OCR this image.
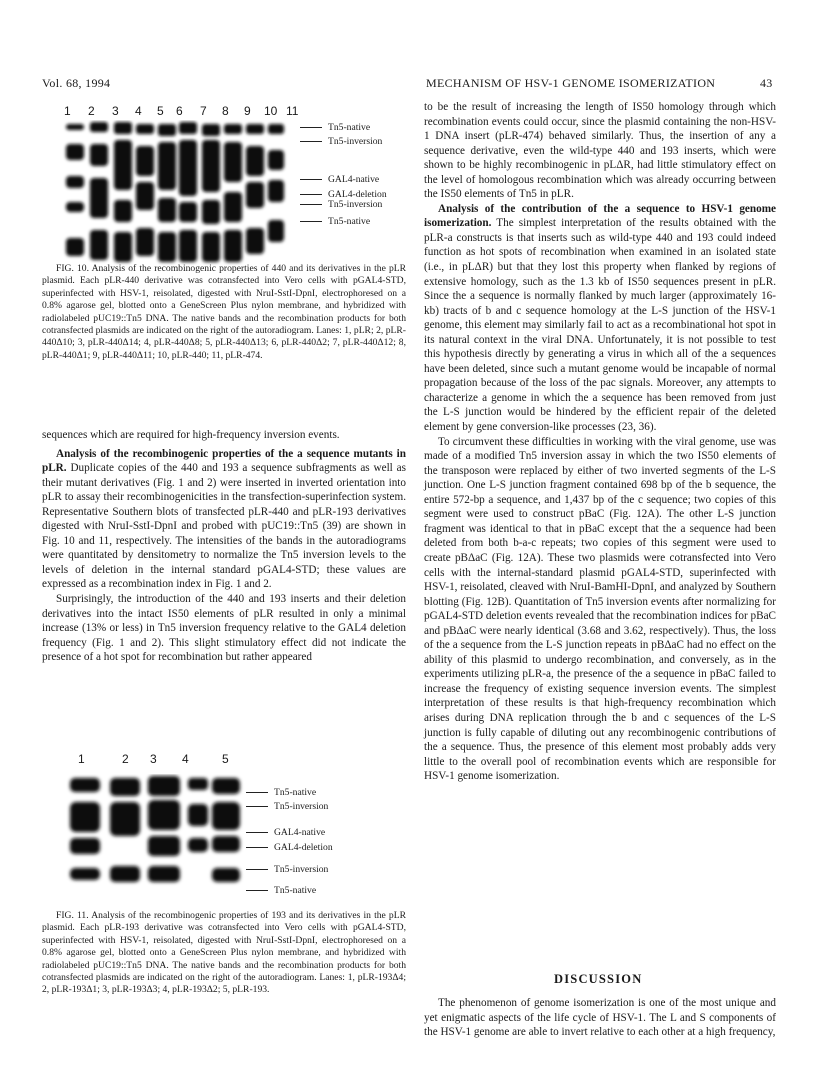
Vol. 68, 1994	MECHANISM OF HSV-1 GENOME ISOMERIZATION	43
1 2 3 4 5 6 7 8 9 10 11
Tn5-native
Tn5-inversion
GAL4-native
GAL4-deletion
Tn5-inversion
Tn5-native

FIG. 10. Analysis of the recombinogenic properties of 440 and its derivatives in the pLR plasmid. Each pLR-440 derivative was cotransfected into Vero cells with pGAL4-STD, superinfected with HSV-1, reisolated, digested with NruI-SstI-DpnI, electrophoresed on a 0.8% agarose gel, blotted onto a GeneScreen Plus nylon membrane, and hybridized with radiolabeled pUC19::Tn5 DNA. The native bands and the recombination products for both cotransfected plasmids are indicated on the right of the autoradiogram. Lanes: 1, pLR; 2, pLR-440Δ10; 3, pLR-440Δ14; 4, pLR-440Δ8; 5, pLR-440Δ13; 6, pLR-440Δ2; 7, pLR-440Δ12; 8, pLR-440Δ1; 9, pLR-440Δ11; 10, pLR-440; 11, pLR-474.

sequences which are required for high-frequency inversion events.

Analysis of the recombinogenic properties of the a sequence mutants in pLR. Duplicate copies of the 440 and 193 a sequence subfragments as well as their mutant derivatives (Fig. 1 and 2) were inserted in inverted orientation into pLR to assay their recombinogenicities in the transfection-superinfection system. Representative Southern blots of transfected pLR-440 and pLR-193 derivatives digested with NruI-SstI-DpnI and probed with pUC19::Tn5 (39) are shown in Fig. 10 and 11, respectively. The intensities of the bands in the autoradiograms were quantitated by densitometry to normalize the Tn5 inversion levels to the levels of deletion in the internal standard pGAL4-STD; these values are expressed as a recombination index in Fig. 1 and 2.

Surprisingly, the introduction of the 440 and 193 inserts and their deletion derivatives into the intact IS50 elements of pLR resulted in only a minimal increase (13% or less) in Tn5 inversion frequency relative to the GAL4 deletion frequency (Fig. 1 and 2). This slight stimulatory effect did not indicate the presence of a hot spot for recombination but rather appeared

1	2 3 4	5
Tn5-native
Tn5-inversion
GAL4-native
GAL4-deletion
Tn5-inversion
Tn5-native

FIG. 11. Analysis of the recombinogenic properties of 193 and its derivatives in the pLR plasmid. Each pLR-193 derivative was cotransfected into Vero cells with pGAL4-STD, superinfected with HSV-1, reisolated, digested with NruI-SstI-DpnI, electrophoresed on a 0.8% agarose gel, blotted onto a GeneScreen Plus nylon membrane, and hybridized with radiolabeled pUC19::Tn5 DNA. The native bands and the recombination products for both cotransfected plasmids are indicated on the right of the autoradiogram. Lanes: 1, pLR-193Δ4; 2, pLR-193Δ1; 3, pLR-193Δ3; 4, pLR-193Δ2; 5, pLR-193.

to be the result of increasing the length of IS50 homology through which recombination events could occur, since the plasmid containing the non-HSV-1 DNA insert (pLR-474) behaved similarly. Thus, the insertion of any a sequence derivative, even the wild-type 440 and 193 inserts, which were shown to be highly recombinogenic in pLΔR, had little stimulatory effect on the level of homologous recombination which was already occurring between the IS50 elements of Tn5 in pLR.

Analysis of the contribution of the a sequence to HSV-1 genome isomerization. The simplest interpretation of the results obtained with the pLR-a constructs is that inserts such as wild-type 440 and 193 could indeed function as hot spots of recombination when examined in an isolated state (i.e., in pLΔR) but that they lost this property when flanked by regions of extensive homology, such as the 1.3 kb of IS50 sequences present in pLR. Since the a sequence is normally flanked by much larger (approximately 16-kb) tracts of b and c sequence homology at the L-S junction of the HSV-1 genome, this element may similarly fail to act as a recombinational hot spot in its natural context in the viral DNA. Unfortunately, it is not possible to test this hypothesis directly by generating a virus in which all of the a sequences have been deleted, since such a mutant genome would be incapable of normal propagation because of the loss of the pac signals. Moreover, any attempts to characterize a genome in which the a sequence has been removed from just the L-S junction would be hindered by the efficient repair of the deleted element by gene conversion-like processes (23, 36).

To circumvent these difficulties in working with the viral genome, use was made of a modified Tn5 inversion assay in which the two IS50 elements of the transposon were replaced by either of two inverted segments of the L-S junction. One L-S junction fragment contained 698 bp of the b sequence, the entire 572-bp a sequence, and 1,437 bp of the c sequence; two copies of this segment were used to construct pBaC (Fig. 12A). The other L-S junction fragment was identical to that in pBaC except that the a sequence had been deleted from both b-a-c repeats; two copies of this segment were used to create pBΔaC (Fig. 12A). These two plasmids were cotransfected into Vero cells with the internal-standard plasmid pGAL4-STD, superinfected with HSV-1, reisolated, cleaved with NruI-BamHI-DpnI, and analyzed by Southern blotting (Fig. 12B). Quantitation of Tn5 inversion events after normalizing for pGAL4-STD deletion events revealed that the recombination indices for pBaC and pBΔaC were nearly identical (3.68 and 3.62, respectively). Thus, the loss of the a sequence from the L-S junction repeats in pBΔaC had no effect on the ability of this plasmid to undergo recombination, and conversely, as in the experiments utilizing pLR-a, the presence of the a sequence in pBaC failed to increase the frequency of existing sequence inversion events. The simplest interpretation of these results is that high-frequency recombination which arises during DNA replication through the b and c sequences of the L-S junction is fully capable of diluting out any recombinogenic contributions of the a sequence. Thus, the presence of this element most probably adds very little to the overall pool of recombination events which are responsible for HSV-1 genome isomerization.

DISCUSSION

The phenomenon of genome isomerization is one of the most unique and yet enigmatic aspects of the life cycle of HSV-1. The L and S components of the HSV-1 genome are able to invert relative to each other at a high frequency,
